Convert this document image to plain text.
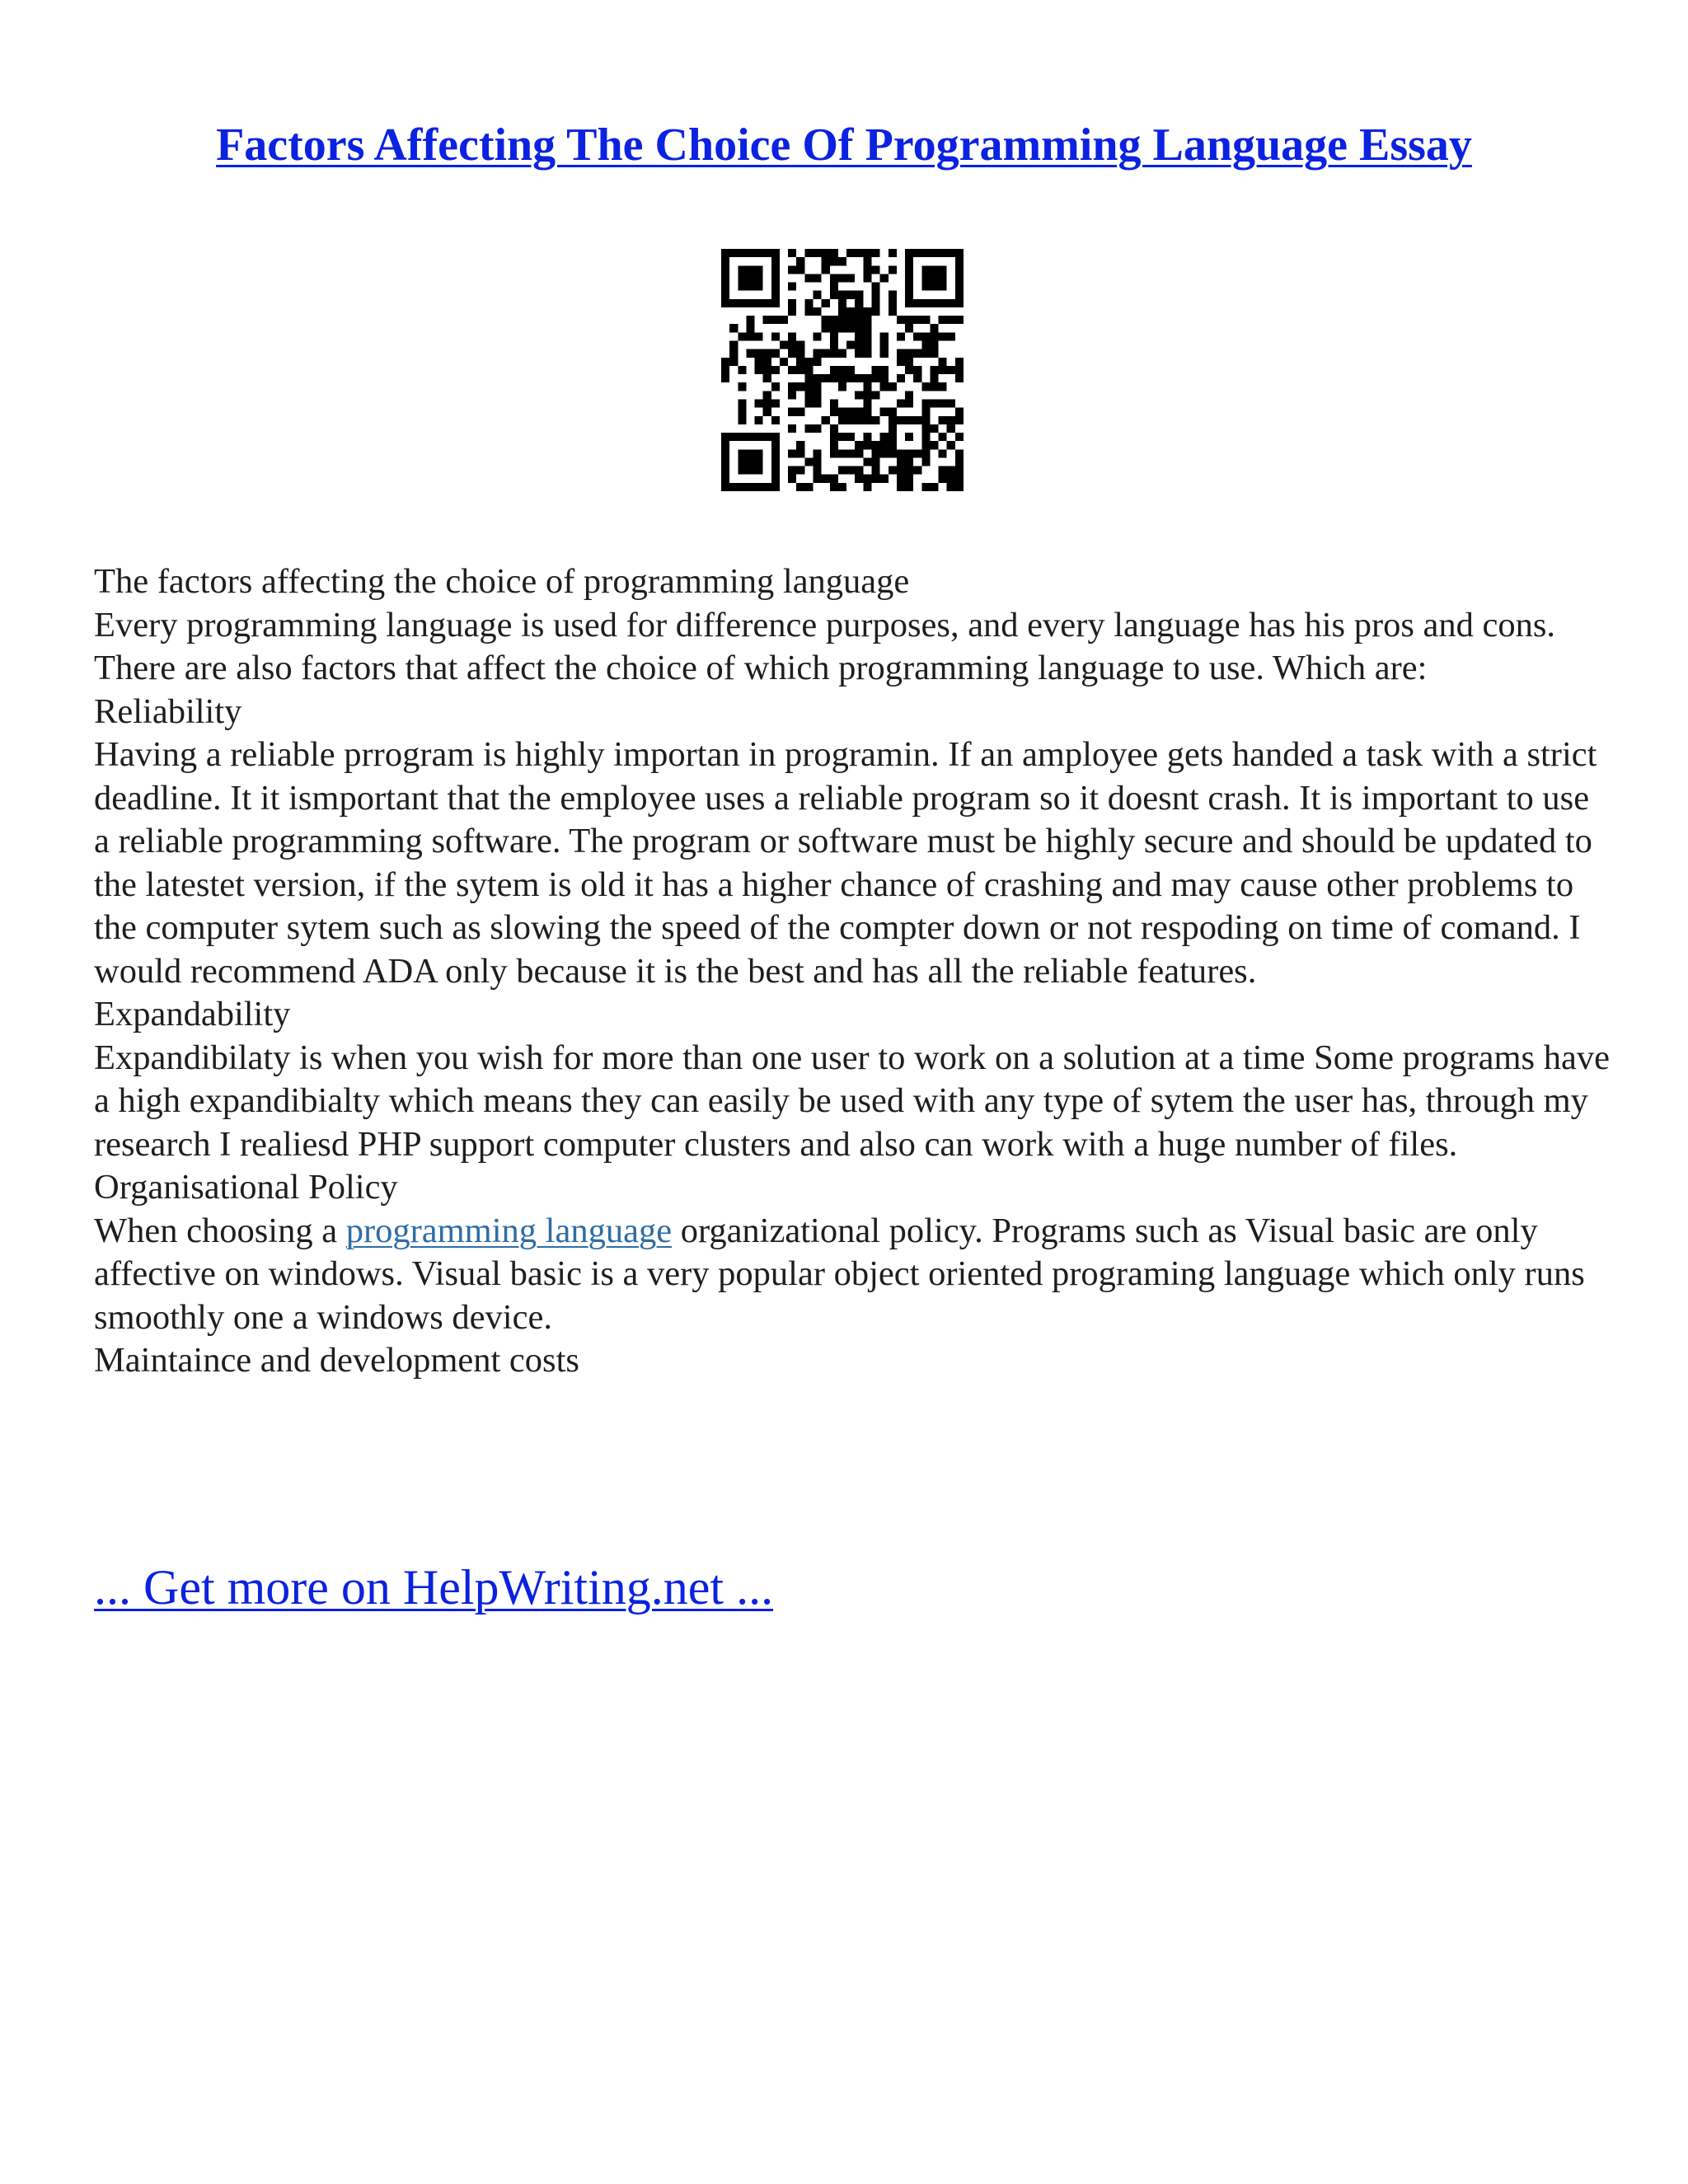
Factors Affecting The Choice Of Programming Language Essay

The factors affecting the choice of programming language

Every programming language is used for difference purposes, and every language has his pros and cons. There are also factors that affect the choice of which programming language to use. Which are:

Reliability

Having a reliable prrogram is highly importan in programin. If an amployee gets handed a task with a strict deadline. It it ismportant that the employee uses a reliable program so it doesnt crash. It is important to use a reliable programming software. The program or software must be highly secure and should be updated to the latestet version, if the sytem is old it has a higher chance of crashing and may cause other problems to the computer sytem such as slowing the speed of the compter down or not respoding on time of comand. I would recommend ADA only because it is the best and has all the reliable features.

Expandability

Expandibilaty is when you wish for more than one user to work on a solution at a time Some programs have a high expandibialty which means they can easily be used with any type of sytem the user has, through my research I realiesd PHP support computer clusters and also can work with a huge number of files.

Organisational Policy

When choosing a programming language organizational policy. Programs such as Visual basic are only affective on windows. Visual basic is a very popular object oriented programing language which only runs smoothly one a windows device.

Maintaince and development costs

... Get more on HelpWriting.net ...
